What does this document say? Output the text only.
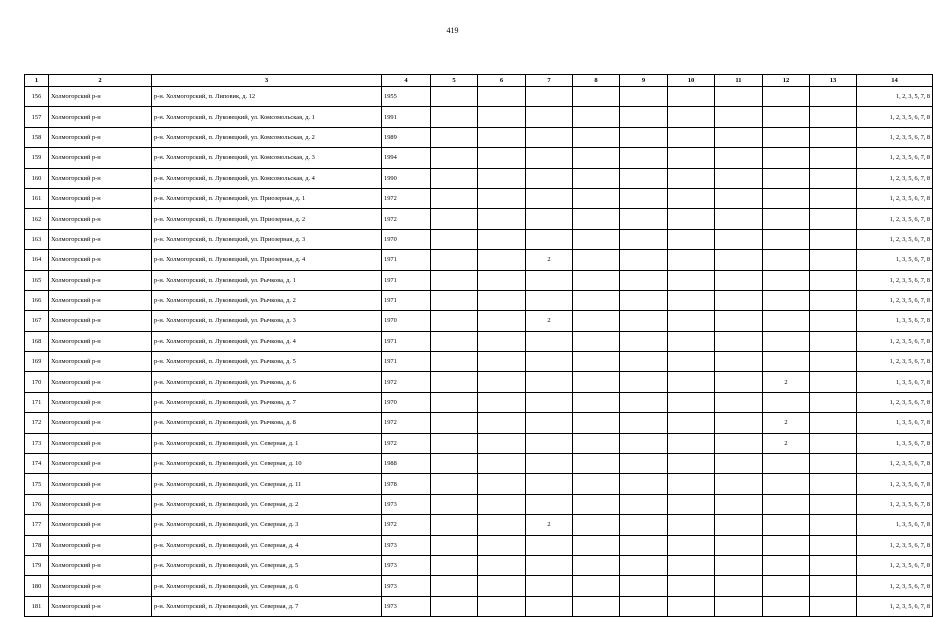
419
1	2	3	4	5	6	7	8	9	10	11	12	13	14
156	Холмогорский р-н	р-н. Холмогорский, п. Липовик, д. 12	1955										1, 2, 3, 5, 7, 8
157	Холмогорский р-н	р-н. Холмогорский, п. Луковецкий, ул. Комсомольская, д. 1	1991										1, 2, 3, 5, 6, 7, 8
158	Холмогорский р-н	р-н. Холмогорский, п. Луковецкий, ул. Комсомольская, д. 2	1989										1, 2, 3, 5, 6, 7, 8
159	Холмогорский р-н	р-н. Холмогорский, п. Луковецкий, ул. Комсомольская, д. 3	1994										1, 2, 3, 5, 6, 7, 8
160	Холмогорский р-н	р-н. Холмогорский, п. Луковецкий, ул. Комсомольская, д. 4	1990										1, 2, 3, 5, 6, 7, 8
161	Холмогорский р-н	р-н. Холмогорский, п. Луковецкий, ул. Приозерная, д. 1	1972										1, 2, 3, 5, 6, 7, 8
162	Холмогорский р-н	р-н. Холмогорский, п. Луковецкий, ул. Приозерная, д. 2	1972										1, 2, 3, 5, 6, 7, 8
163	Холмогорский р-н	р-н. Холмогорский, п. Луковецкий, ул. Приозерная, д. 3	1970										1, 2, 3, 5, 6, 7, 8
164	Холмогорский р-н	р-н. Холмогорский, п. Луковецкий, ул. Приозерная, д. 4	1971			2							1, 3, 5, 6, 7, 8
165	Холмогорский р-н	р-н. Холмогорский, п. Луковецкий, ул. Рычкова, д. 1	1971										1, 2, 3, 5, 6, 7, 8
166	Холмогорский р-н	р-н. Холмогорский, п. Луковецкий, ул. Рычкова, д. 2	1971										1, 2, 3, 5, 6, 7, 8
167	Холмогорский р-н	р-н. Холмогорский, п. Луковецкий, ул. Рычкова, д. 3	1970			2							1, 3, 5, 6, 7, 8
168	Холмогорский р-н	р-н. Холмогорский, п. Луковецкий, ул. Рычкова, д. 4	1971										1, 2, 3, 5, 6, 7, 8
169	Холмогорский р-н	р-н. Холмогорский, п. Луковецкий, ул. Рычкова, д. 5	1971										1, 2, 3, 5, 6, 7, 8
170	Холмогорский р-н	р-н. Холмогорский, п. Луковецкий, ул. Рычкова, д. 6	1972								2		1, 3, 5, 6, 7, 8
171	Холмогорский р-н	р-н. Холмогорский, п. Луковецкий, ул. Рычкова, д. 7	1970										1, 2, 3, 5, 6, 7, 8
172	Холмогорский р-н	р-н. Холмогорский, п. Луковецкий, ул. Рычкова, д. 8	1972								2		1, 3, 5, 6, 7, 8
173	Холмогорский р-н	р-н. Холмогорский, п. Луковецкий, ул. Северная, д. 1	1972								2		1, 3, 5, 6, 7, 8
174	Холмогорский р-н	р-н. Холмогорский, п. Луковецкий, ул. Северная, д. 10	1988										1, 2, 3, 5, 6, 7, 8
175	Холмогорский р-н	р-н. Холмогорский, п. Луковецкий, ул. Северная, д. 11	1978										1, 2, 3, 5, 6, 7, 8
176	Холмогорский р-н	р-н. Холмогорский, п. Луковецкий, ул. Северная, д. 2	1973										1, 2, 3, 5, 6, 7, 8
177	Холмогорский р-н	р-н. Холмогорский, п. Луковецкий, ул. Северная, д. 3	1972			2							1, 3, 5, 6, 7, 8
178	Холмогорский р-н	р-н. Холмогорский, п. Луковецкий, ул. Северная, д. 4	1973										1, 2, 3, 5, 6, 7, 8
179	Холмогорский р-н	р-н. Холмогорский, п. Луковецкий, ул. Северная, д. 5	1973										1, 2, 3, 5, 6, 7, 8
180	Холмогорский р-н	р-н. Холмогорский, п. Луковецкий, ул. Северная, д. 6	1973										1, 2, 3, 5, 6, 7, 8
181	Холмогорский р-н	р-н. Холмогорский, п. Луковецкий, ул. Северная, д. 7	1973										1, 2, 3, 5, 6, 7, 8
